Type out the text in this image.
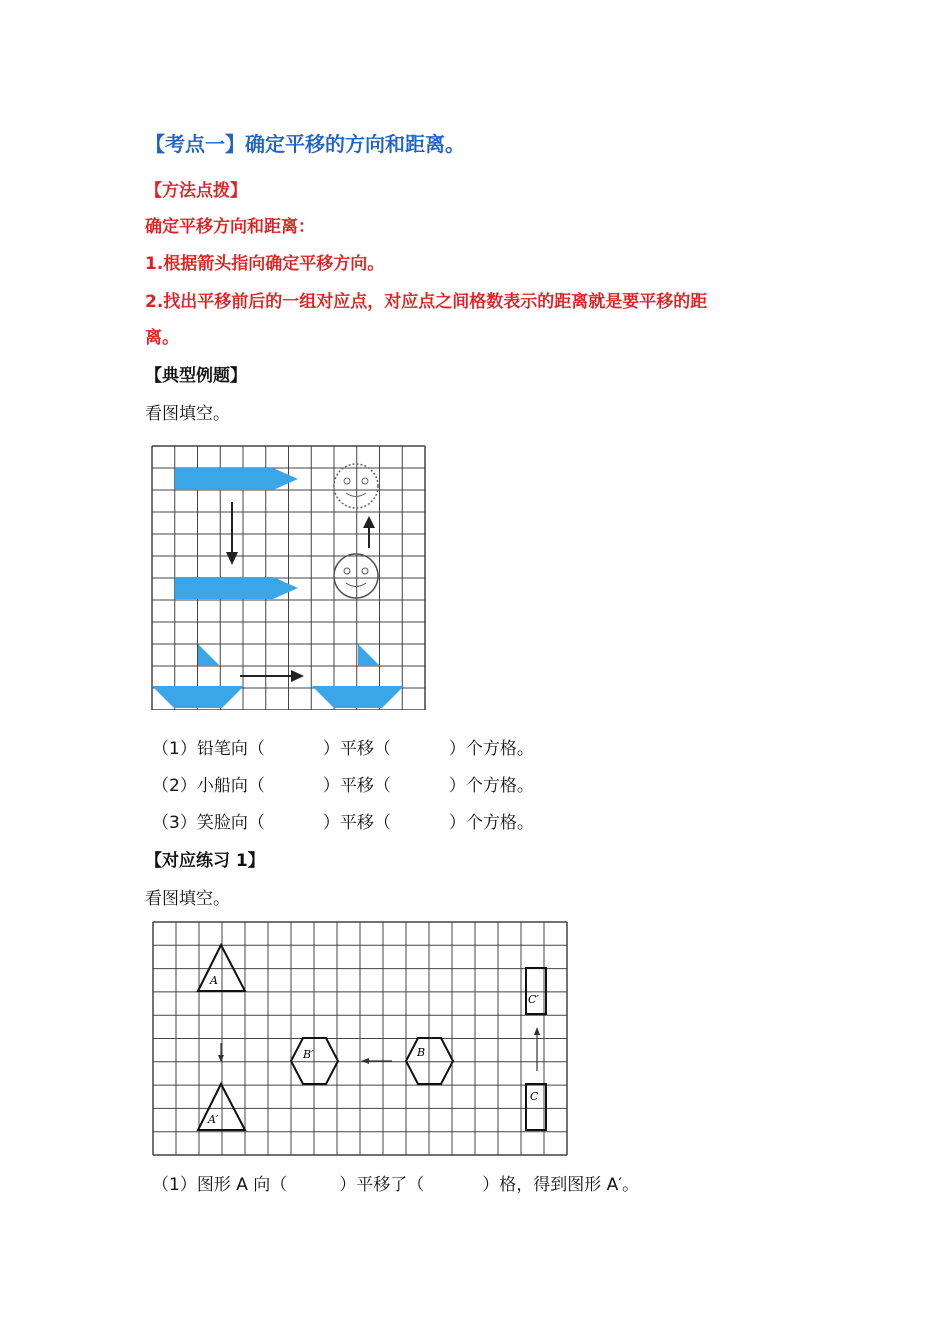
【考点一】确定平移的方向和距离。
【方法点拨】
确定平移方向和距离：
1.根据箭头指向确定平移方向。
2.找出平移前后的一组对应点，对应点之间格数表示的距离就是要平移的距
离。
【典型例题】
看图填空。
（1）铅笔向（	）平移（	）个方格。
（2）小船向（	）平移（	）个方格。
（3）笑脸向（	）平移（	）个方格。
【对应练习 1】
看图填空。
A
A′
B′	B
C′
C
（1）图形 A 向（	）平移了（	）格，得到图形 A′。
